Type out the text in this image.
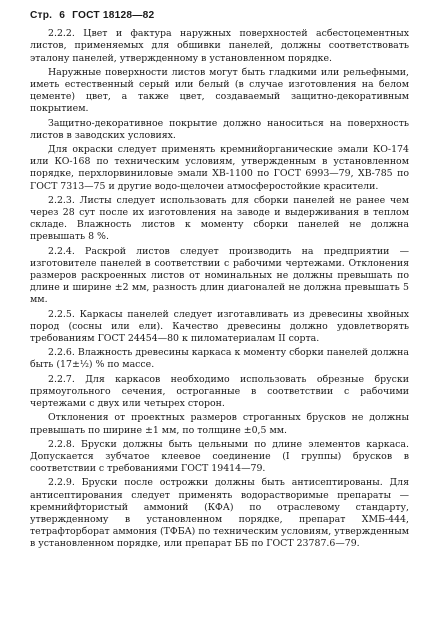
Стр. 6 ГОСТ 18128—82

2.2.2. Цвет и фактура наружных поверхностей асбестоцементных листов, применяемых для обшивки панелей, должны соответствовать эталону панелей, утвержденному в установленном порядке.

Наружные поверхности листов могут быть гладкими или рельефными, иметь естественный серый или белый (в случае изготовления на белом цементе) цвет, а также цвет, создаваемый защитно-декоративным покрытием.

Защитно-декоративное покрытие должно наноситься на поверхность листов в заводских условиях.

Для окраски следует применять кремнийорганические эмали КО-174 или КО-168 по техническим условиям, утвержденным в установленном порядке, перхлорвиниловые эмали ХВ-1100 по ГОСТ 6993—79, ХВ-785 по ГОСТ 7313—75 и другие водо-щелочеи атмосферостойкие красители.

2.2.3. Листы следует использовать для сборки панелей не ранее чем через 28 сут после их изготовления на заводе и выдерживания в теплом складе. Влажность листов к моменту сборки панелей не должна превышать 8 %.

2.2.4. Раскрой листов следует производить на предприятии — изготовителе панелей в соответствии с рабочими чертежами. Отклонения размеров раскроенных листов от номинальных не должны превышать по длине и ширине ±2 мм, разность длин диагоналей не должна превышать 5 мм.

2.2.5. Каркасы панелей следует изготавливать из древесины хвойных пород (сосны или ели). Качество древесины должно удовлетворять требованиям ГОСТ 24454—80 к пиломатериалам II сорта.

2.2.6. Влажность древесины каркаса к моменту сборки панелей должна быть (17±½) % по массе.

2.2.7. Для каркасов необходимо использовать обрезные бруски прямоугольного сечения, остроганные в соответствии с рабочими чертежами с двух или четырех сторон.

Отклонения от проектных размеров строганных брусков не должны превышать по ширине ±1 мм, по толщине ±0,5 мм.

2.2.8. Бруски должны быть цельными по длине элементов каркаса. Допускается зубчатое клеевое соединение (I группы) брусков в соответствии с требованиями ГОСТ 19414—79.

2.2.9. Бруски после острожки должны быть антисептированы. Для антисептирования следует применять водорастворимые препараты — кремнийфтористый аммоний (КФА) по отраслевому стандарту, утвержденному в установленном порядке, препарат ХМБ-444, тетрафторборат аммония (ТФБА) по техническим условиям, утвержденным в установленном порядке, или препарат ББ по ГОСТ 23787.6—79.
